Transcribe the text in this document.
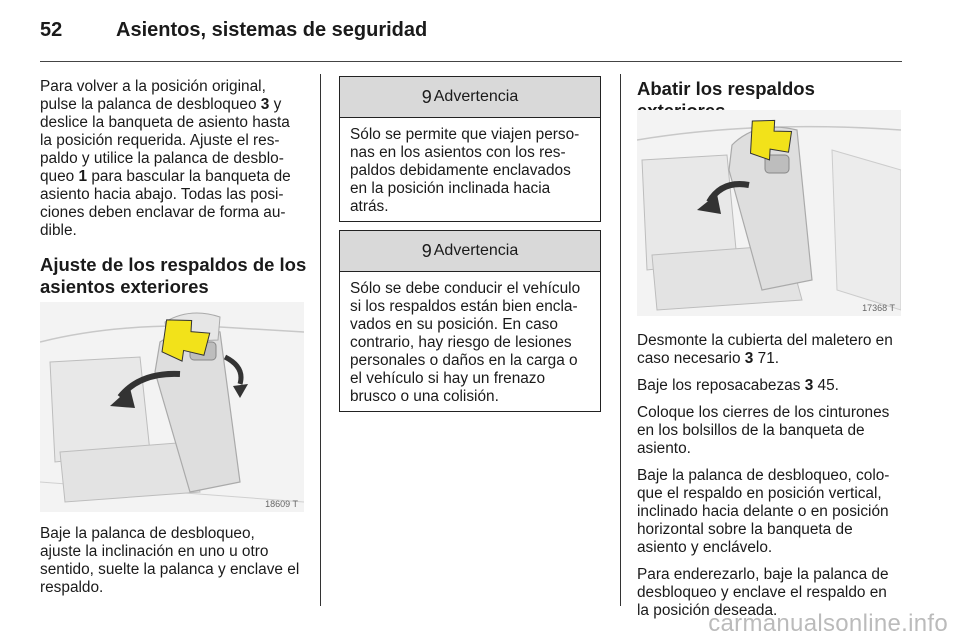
52	Asientos, sistemas de seguridad
Para volver a la posición original,
pulse la palanca de desbloqueo 3 y
deslice la banqueta de asiento hasta
la posición requerida. Ajuste el res-
paldo y utilice la palanca de desblo-
queo 1 para bascular la banqueta de
asiento hacia abajo. Todas las posi-
ciones deben enclavar de forma au-
dible.
Ajuste de los respaldos de los
asientos exteriores
18609 T
Baje la palanca de desbloqueo,
ajuste la inclinación en uno u otro
sentido, suelte la palanca y enclave el
respaldo.
9 Advertencia
Sólo se permite que viajen perso-
nas en los asientos con los res-
paldos debidamente enclavados
en la posición inclinada hacia
atrás.
9 Advertencia
Sólo se debe conducir el vehículo
si los respaldos están bien encla-
vados en su posición. En caso
contrario, hay riesgo de lesiones
personales o daños en la carga o
el vehículo si hay un frenazo
brusco o una colisión.
Abatir los respaldos
17368 T
Desmonte la cubierta del maletero en
caso necesario 3 71.
Baje los reposacabezas 3 45.
Coloque los cierres de los cinturones
en los bolsillos de la banqueta de
asiento.
Baje la palanca de desbloqueo, colo-
que el respaldo en posición vertical,
inclinado hacia delante o en posición
horizontal sobre la banqueta de
asiento y enclávelo.
Para enderezarlo, baje la palanca de
desbloqueo y enclave el respaldo en
la posición deseada.
carmanualsonline.info
